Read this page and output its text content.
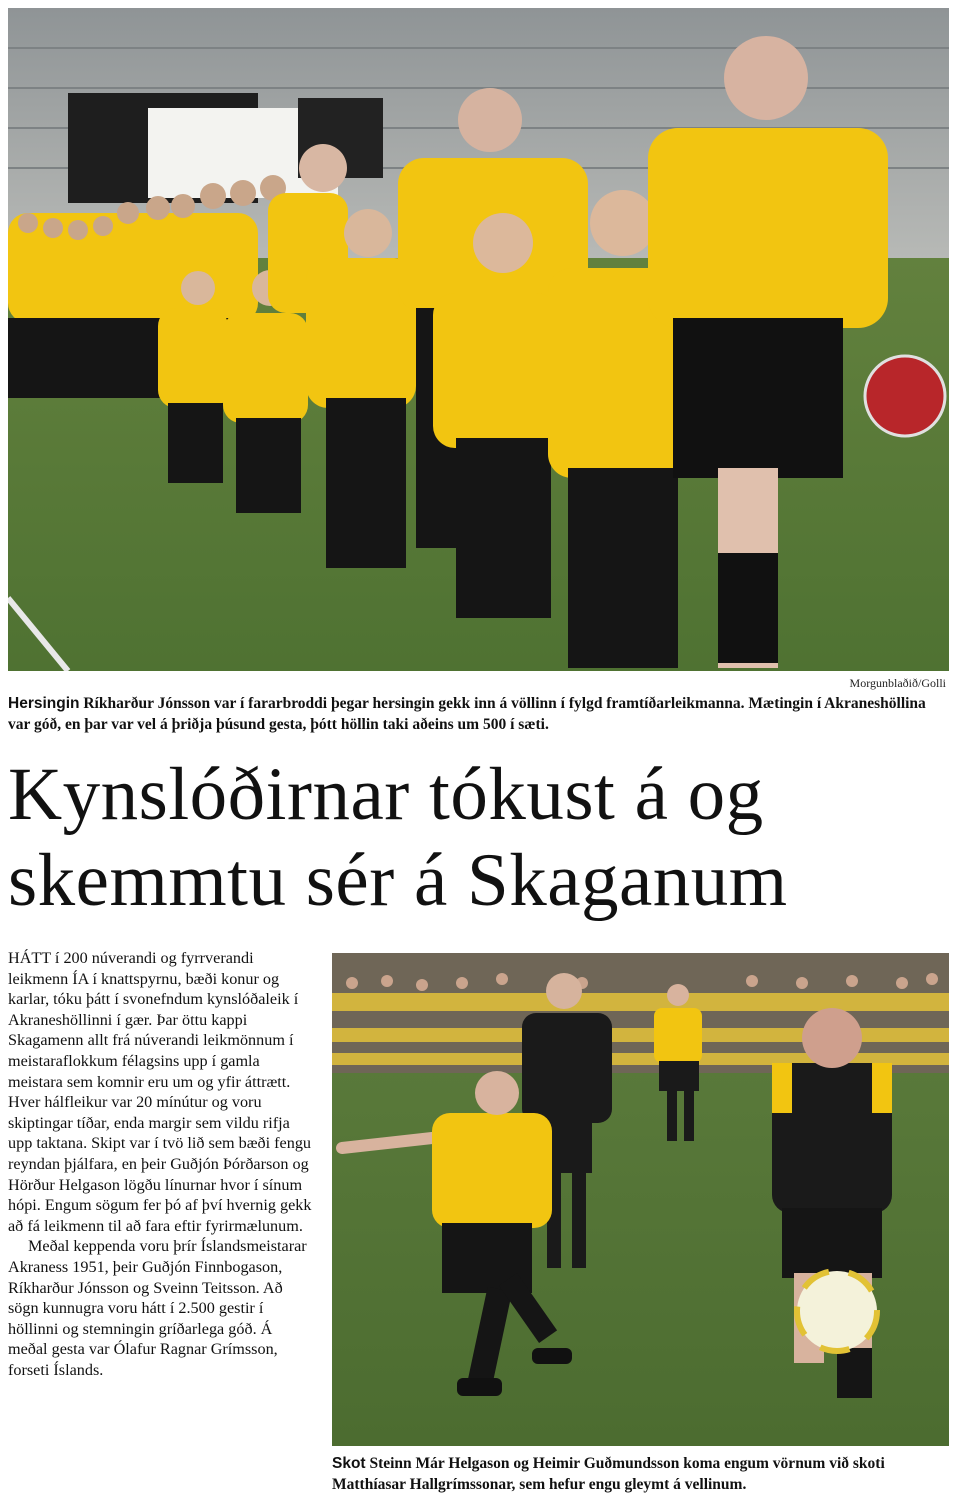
Morgunblaðið/Golli
Hersingin Ríkharður Jónsson var í fararbroddi þegar hersingin gekk inn á völlinn í fylgd framtíðarleikmanna. Mætingin í Akraneshöllina var góð, en þar var vel á þriðja þúsund gesta, þótt höllin taki aðeins um 500 í sæti.
Kynslóðirnar tókust á og
skemmtu sér á Skaganum

HÁTT í 200 núverandi og fyrrverandi leikmenn ÍA í knattspyrnu, bæði konur og karlar, tóku þátt í svonefndum kynslóðaleik í Akraneshöllinni í gær. Þar öttu kappi Skagamenn allt frá núverandi leikmönnum í meistaraflokkum félagsins upp í gamla meistara sem komnir eru um og yfir áttrætt. Hver hálfleikur var 20 mínútur og voru skiptingar tíðar, enda margir sem vildu rifja upp taktana. Skipt var í tvö lið sem bæði fengu reyndan þjálfara, en þeir Guðjón Þórðarson og Hörður Helgason lögðu línurnar hvor í sínum hópi. Engum sögum fer þó af því hvernig gekk að fá leikmenn til að fara eftir fyrirmælunum.

Meðal keppenda voru þrír Íslandsmeistarar Akraness 1951, þeir Guðjón Finnbogason, Ríkharður Jónsson og Sveinn Teitsson. Að sögn kunnugra voru hátt í 2.500 gestir í höllinni og stemningin gríðarlega góð. Á meðal gesta var Ólafur Ragnar Grímsson, forseti Íslands.

Skot Steinn Már Helgason og Heimir Guðmundsson koma engum vörnum við skoti Matthíasar Hallgrímssonar, sem hefur engu gleymt á vellinum.
